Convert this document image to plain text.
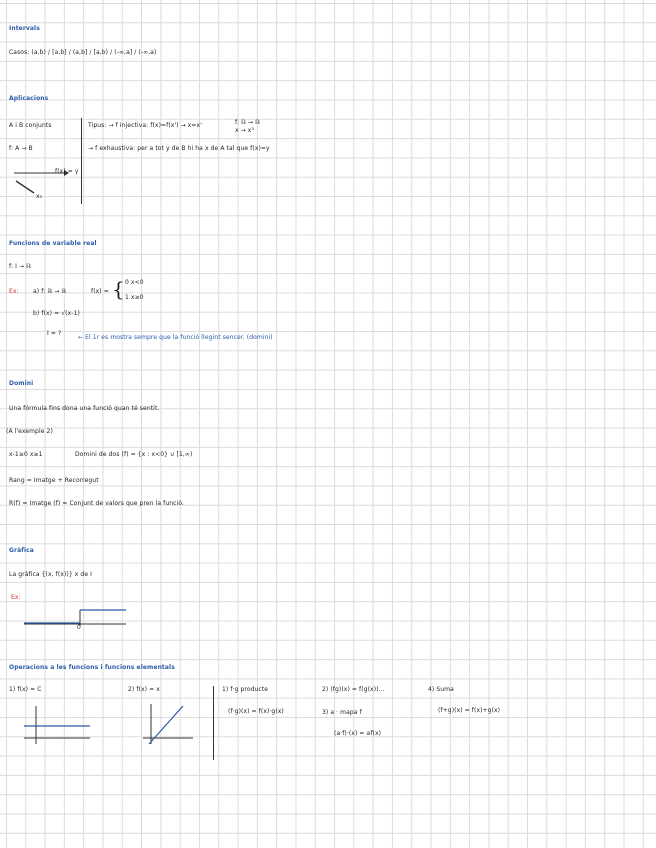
Intervals
Casos: (a,b) / [a,b] / (a,b] / [a,b) / (-∞,a] / (-∞,a)
Aplicacions
A i B conjunts
f: A → B
f(x) = y
x₀
Tipus: → f injectiva: f(x)=f(x') → x=x'	f: ℝ → ℝ
x → x³
→ f exhaustiva: per a tot y de B hi ha x de A tal que f(x)=y
Funcions de variable real
f: I → ℝ
Ex: a) f: ℝ → ℝ	f(x) = { 0 x<0
1 x≥0
b) f(x) = √(x-1)
I = ?
← El 1r es mostra sempre que la funció llegint sencer. (domini)
Domini
Una fórmula fins dona una funció quan té sentit.
(A l'exemple 2)
x-1≥0 x≥1	Domini de dos (f) = {x : x<0} ∪ [1,∞)
Rang = Imatge + Recorregut
R(f) = Imatge (f) = Conjunt de valors que pren la funció.
Gràfica
La gràfica {(x, f(x))} x de I
Ex:
0
Operacions a les funcions i funcions elementals
1) f(x) = C	2) f(x) = x	1) f·g producte
(f·g)(x) = f(x)·g(x)
2) (fg)(x) = f(g(x))...
3) a · mapa f
(a·f)·(x) = af(x)
4) Suma
(f+g)(x) = f(x)+g(x)
